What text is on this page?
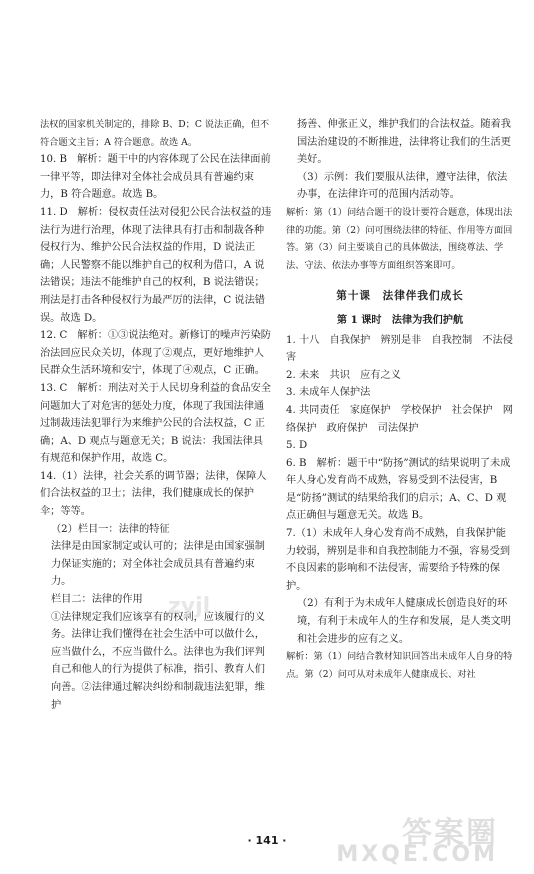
法权的国家机关制定的，排除 B、D；C 说法正确，但不符合题文主旨；A 符合题意。故选 A。
10. B　解析：题干中的内容体现了公民在法律面前一律平等，即法律对全体社会成员具有普遍约束力，B 符合题意。故选 B。
11. D　解析：侵权责任法对侵犯公民合法权益的违法行为进行治理，体现了法律具有打击和制裁各种侵权行为、维护公民合法权益的作用，D 说法正确；人民警察不能以维护自己的权利为借口，A 说法错误；违法不能维护自己的权利，B 说法错误；刑法是打击各种侵权行为最严厉的法律，C 说法错误。故选 D。
12. C　解析：①③说法绝对。新修订的噪声污染防治法回应民众关切，体现了②观点，更好地维护人民群众生活环境和安宁，体现了④观点，C 正确。
13. C　解析：刑法对关于人民切身利益的食品安全问题加大了对危害的惩处力度，体现了我国法律通过制裁违法犯罪行为来维护公民的合法权益，C 正确；A、D 观点与题意无关；B 说法：我国法律具有规范和保护作用，故选 C。
14.（1）法律，社会关系的调节器；法律，保障人们合法权益的卫士；法律，我们健康成长的保护伞；等等。
（2）栏目一：法律的特征
法律是由国家制定或认可的；法律是由国家强制力保证实施的；对全体社会成员具有普遍约束力。
栏目二：法律的作用
①法律规定我们应该享有的权利，应该履行的义务。法律让我们懂得在社会生活中可以做什么，应当做什么，不应当做什么。法律也为我们评判自己和他人的行为提供了标准，指引、教育人们向善。②法律通过解决纠纷和制裁违法犯罪，维护
扬善、伸张正义，维护我们的合法权益。随着我国法治建设的不断推进，法律将让我们的生活更美好。
（3）示例：我们要服从法律，遵守法律，依法办事，在法律许可的范围内活动等。
解析：第（1）问结合题干的设计要符合题意，体现出法律的功能。第（2）问可围绕法律的特征、作用等方面回答。第（3）问主要谈自己的具体做法，围绕尊法、学法、守法、依法办事等方面组织答案即可。
第十课　法律伴我们成长
第 1 课时　法律为我们护航
1. 十八　自我保护　辨别是非　自我控制　不法侵害
2. 未来　共识　应有之义
3. 未成年人保护法
4. 共同责任　家庭保护　学校保护　社会保护　网络保护　政府保护　司法保护
5. D
6. B　解析：题干中“防扬”测试的结果说明了未成年人身心发育尚不成熟，容易受到不法侵害，B 是“防扬”测试的结果给我们的启示；A、C、D 观点正确但与题意无关。故选 B。
7.（1）未成年人身心发育尚不成熟，自我保护能力较弱，辨别是非和自我控制能力不强，容易受到不良因素的影响和不法侵害，需要给予特殊的保护。
（2）有利于为未成年人健康成长创造良好的环境，有利于未成年人的生存和发展，是人类文明和社会进步的应有之义。
解析：第（1）问结合教材知识回答出未成年人自身的特点。第（2）问可从对未成年人健康成长、对社
· 141 ·
zyjl
答案圈
MXQE.COM
